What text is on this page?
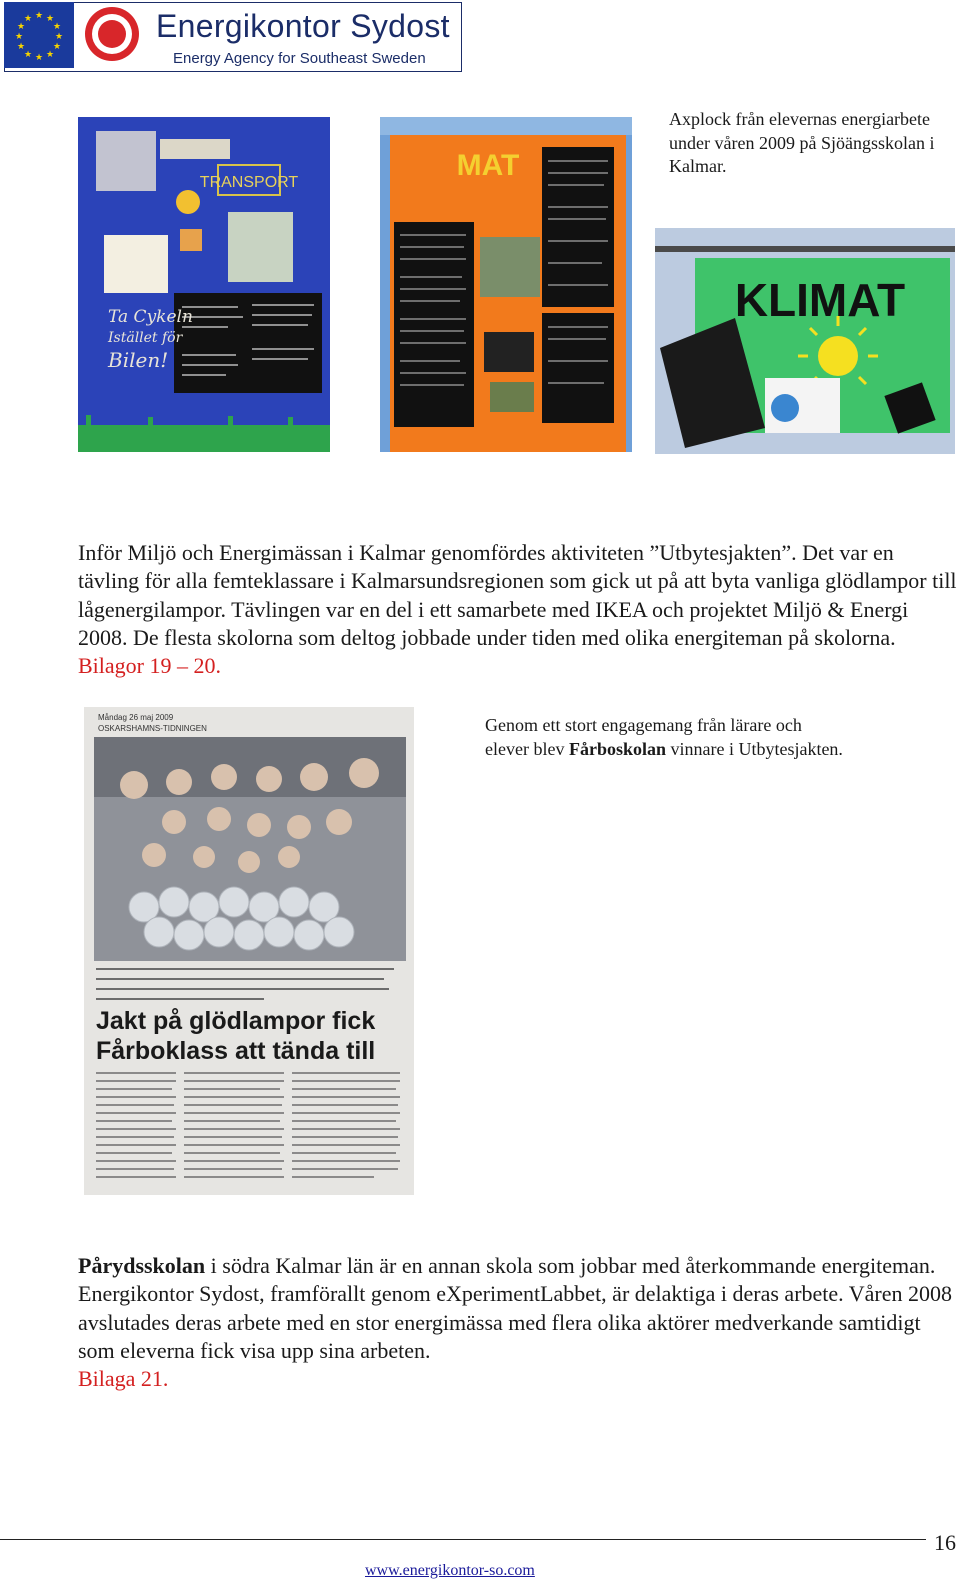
★ ★
★
★
★
★
★
★
★
★
★
★	Energikontor Sydost
Energy Agency for Southeast Sweden
TRANSPORT
Ta Cykeln
Istället för
Bilen!
MAT
KLIMAT
Axplock från elevernas energiarbete under våren 2009 på Sjöängsskolan i Kalmar.
Inför Miljö och Energimässan i Kalmar genomfördes aktiviteten ”Utbytesjakten”. Det var en tävling för alla femteklassare i Kalmarsundsregionen som gick ut på att byta vanliga glödlampor till lågenergilampor. Tävlingen var en del i ett samarbete med IKEA och projektet Miljö & Energi 2008. De flesta skolorna som deltog jobbade under tiden med olika energiteman på skolorna. Bilagor 19 – 20.
Måndag 26 maj 2009
OSKARSHAMNS-TIDNINGEN
Jakt på glödlampor fick
Fårboklass att tända till
Genom ett stort engagemang från lärare och elever blev Fårboskolan vinnare i Utbytesjakten.
Pårydsskolan i södra Kalmar län är en annan skola som jobbar med återkommande energiteman. Energikontor Sydost, framförallt genom eXperimentLabbet, är delaktiga i deras arbete. Våren 2008 avslutades deras arbete med en stor energimässa med flera olika aktörer medverkande samtidigt som eleverna fick visa upp sina arbeten.
Bilaga 21.
16
www.energikontor-so.com
